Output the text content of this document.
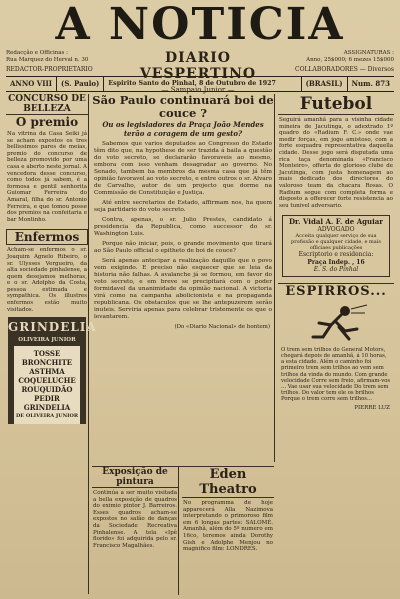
A NOTICIA
Redacção e Officinas :
Rua Marquez do Herval n. 30
REDACTOR-PROPRIETARIO
DIARIO VESPERTINO
— Sampaio Junior —
ASSIGNATURAS :
Anno, 25$000; 6 mezes 15$000
COLLABORADORES — Diversos
ANNO VIII	(S. Paulo)	Espirito Santo do Pinhal, 8 de Outubro de 1927	(BRASIL)	Num. 873
CONCURSO DE BELLEZA
O premio

Na vitrina da Casa Seiki já se acham expostos os tres bellissimos pares de meias, premio do concurso de belleza promovido por uma casa e aberto neste jornal. A vencedora desse concurso, como todos já sabem, é a formosa e gentil senhorita Guiomar Ferreira do Amaral, filha do sr. Antonio Ferreira, e que tomou posse dos premios na confeitaria e bar Montinho.

Enfermos

Acham-se enfermos o sr. Joaquim Agnelo Ribeiro, o sr. Ulysses Vergueiro, da alta sociedade pinhalense, a quem desejamos melhoras, e o sr. Adolpho da Costa, pessoa estimada e sympathica. Os illustres enfermos estão muito visitados.

GRINDELIA
OLIVEIRA JUNIOR
TOSSE
BRONCHITE
ASTHMA
COQUELUCHE
ROUQUIDÃO
PEDIR
GRINDELIA
DE OLIVEIRA JUNIOR
São Paulo continuará boi de couce ?
Ou os legisladores da Praça João Mendes terão a coragem de um gesto?

Sabemos que varios deputados ao Congresso do Estado têm dito que, na hypothese de ser trazida á baila a questão do voto secreto, se declararão favoraveis ao mesmo, embora com isso venham desagradar ao governo. No Senado, tambem ha membros da mesma casa que já têm opinião favoravel ao voto secreto, e entre outros o sr. Alvaro de Carvalho, autor de um projecto que dorme na Commissão de Constituição e Justiça.

Até entre secretarios de Estado, affirmam nos, ha quem seja partidario do voto secreto.

Contra, apenas, o sr. Julio Prestes, candidato á presidencia da Republica, como successor do sr. Washington Luis.

Porque não iniciar, pois, o grande movimento que tirará ao São Paulo official o epitheto de boi de couce?

Será apenas antecipar a realização daquillo que o povo vem exigindo. E preciso não esquecer que se leia da historia não falhas. A avalanche já se formou, em favor do voto secreto, e em breve se precipitará com o poder formidavel da unanimidade da opinião nacional. A victoria virá como na campanha abolicionista e na propaganda republicana. Os obstaculos que se lhe antepuzerem serão inuteis. Serviria apenas para celebrar tristemente os que o levantarem.

(Do «Diario Nacional» de hontem)
Exposição de pintura

Continúa a ser muito visitada a bella exposição de quadros do eximio pintor J. Barreiros. Esses quadros acham-se expostos no salão de danças da Sociedade Recreativa Pinhalense. A tela «Ipê florido» foi adquirida pelo sr. Francisco Magalhães.

Eden Theatro

No programma de hoje apparecerá Alla Nazimova interpretando o primoroso film em 6 longas partes: SALOMÉ. Amanhã, além do 5º numero em 16co, teremos ainda Dorothy Gish e Adolphe Menjou no magnifico film: LONDRES.

Futebol

Seguirá amanhã para a visinha cidade mineira de Jacutinga, o adextrado 1º quadro do «Radium F. C.» onde vae medir forças, em jogo amistoso, com a forte esquadra representativa daquella cidade. Desse jogo será disputada uma rica taça denominada «Francisco Monteiro», offerta do glorioso clube de Jacutinga, com justa homenagem ao mais dedicado dos directores do valoroso team da chacara Rosas. O Radium segue com completa forma e disposto a offerecer forte resistencia ao seu tunivel adversario.

Dr. Vidal A. F. de Aguiar
ADVOGADO
Acceita qualquer serviço de sua profissão e qualquer cidade, e mais officiaes publicações
Escriptorio e residencia:
Praça Indep. , 16
E. S. do Pinhal
ESPIRROS...

O trem sem trilhos do General Motors, chegará depois de amanhã, á 10 horas, a esta cidade. Além o caminho foi primeiro trem sem trilhos ao vem sem trilhos da vinda do mundo. Com grande velocidade Corre sem freio, afirmam-vos ... Vae usar sua velocidade Do trem sem trilhos. Do valor tem ele os brilhos Porque o trem corre sem trilhos...

PIERRE LUZ
